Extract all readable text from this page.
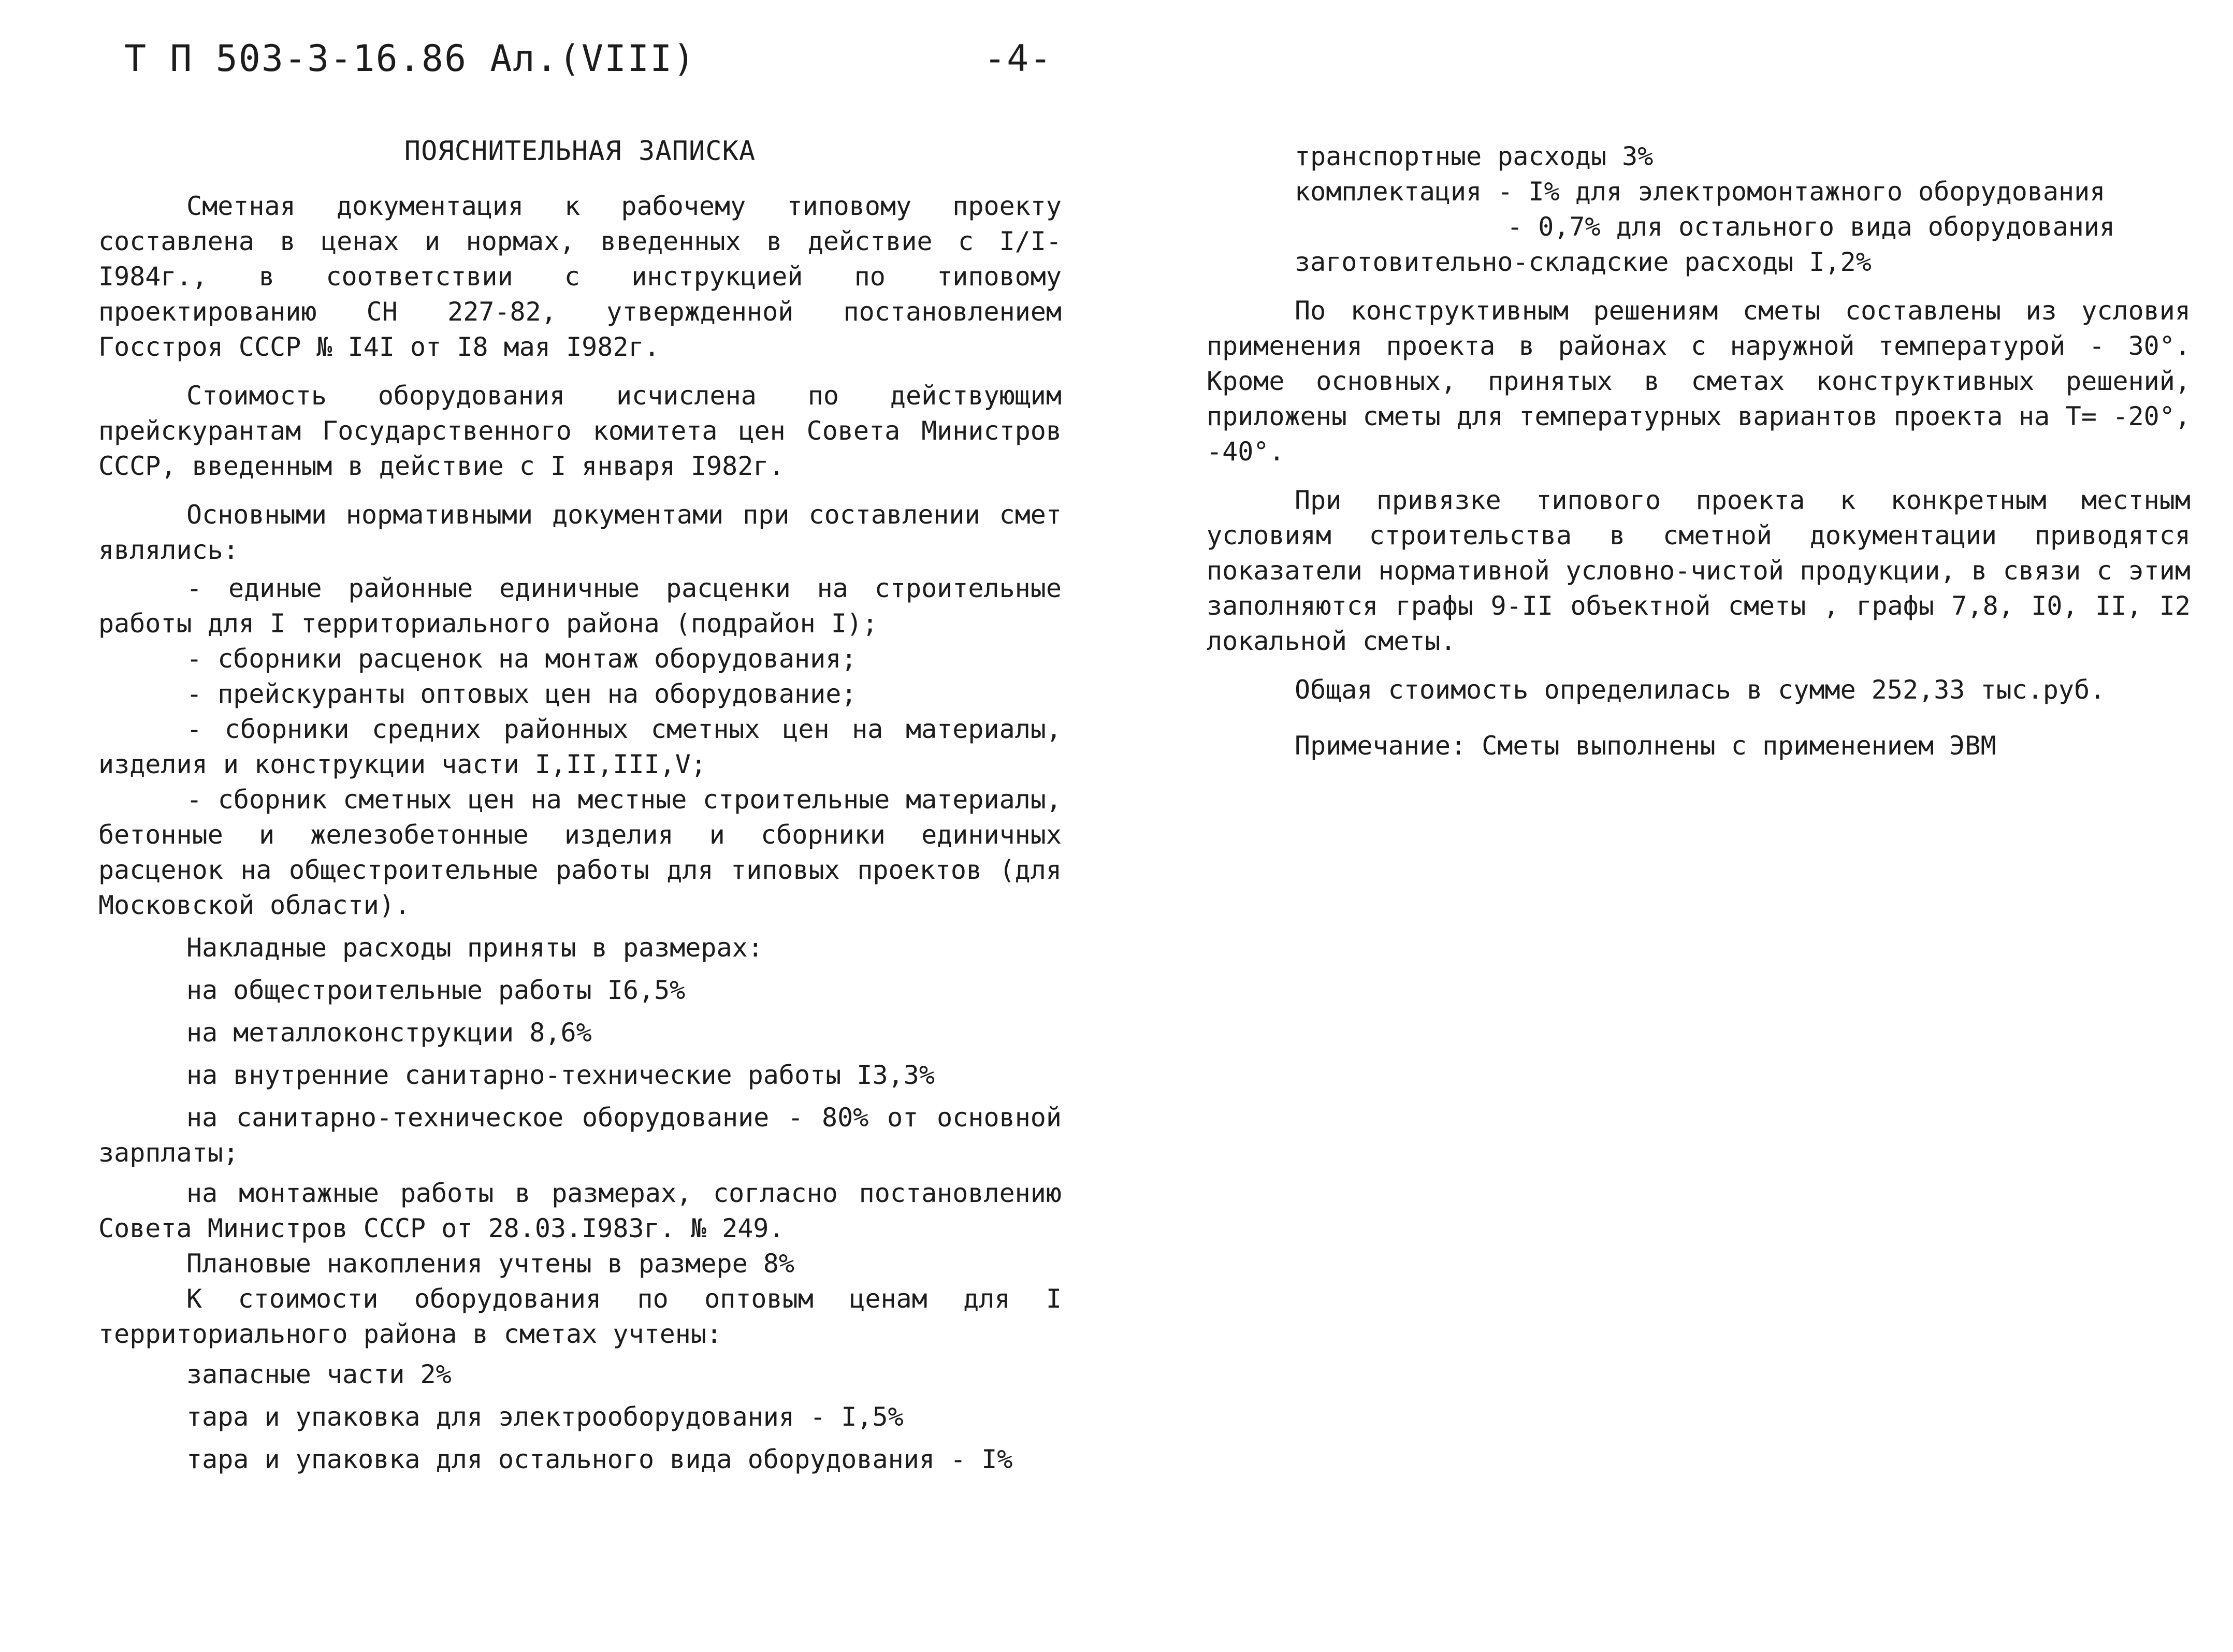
Т П 503-3-16.86 Ал.(VIII)	-4-
ПОЯСНИТЕЛЬНАЯ ЗАПИСКА

Сметная документация к рабочему типовому проекту составлена в ценах и нормах, введенных в действие с I/I-I984г., в соответствии с инструкцией по типовому проектированию СН 227-82, утвержденной постановлением Госстроя СССР № I4I от I8 мая I982г.

Стоимость оборудования исчислена по действующим прейскурантам Государственного комитета цен Совета Министров СССР, введенным в действие с I января I982г.

Основными нормативными документами при составлении смет являлись:

- единые районные единичные расценки на строительные работы для I территориального района (подрайон I);

- сборники расценок на монтаж оборудования;

- прейскуранты оптовых цен на оборудование;

- сборники средних районных сметных цен на материалы, изделия и конструкции части I,II,III,V;

- сборник сметных цен на местные строительные материалы, бетонные и железобетонные изделия и сборники единичных расценок на общестроительные работы для типовых проектов (для Московской области).

Накладные расходы приняты в размерах:
на общестроительные работы I6,5%
на металлоконструкции 8,6%
на внутренние санитарно-технические работы I3,3%

на санитарно-техническое оборудование - 80% от основной зарплаты;

на монтажные работы в размерах, согласно постановлению Совета Министров СССР от 28.03.I983г. № 249.

Плановые накопления учтены в размере 8%

К стоимости оборудования по оптовым ценам для I территориального района в сметах учтены:

запасные части 2%
тара и упаковка для электрооборудования - I,5%
тара и упаковка для остального вида оборудования - I%
транспортные расходы 3%
комплектация - I% для электромонтажного оборудования
- 0,7% для остального вида оборудования
заготовительно-складские расходы I,2%

По конструктивным решениям сметы составлены из условия применения проекта в районах с наружной температурой - 30°. Кроме основных, принятых в сметах конструктивных решений, приложены сметы для температурных вариантов проекта на Т= -20°, -40°.

При привязке типового проекта к конкретным местным условиям строительства в сметной документации приводятся показатели нормативной условно-чистой продукции, в связи с этим заполняются графы 9-II объектной сметы , графы 7,8, I0, II, I2 локальной сметы.

Общая стоимость определилась в сумме 252,33 тыс.руб.

Примечание: Сметы выполнены с применением ЭВМ
